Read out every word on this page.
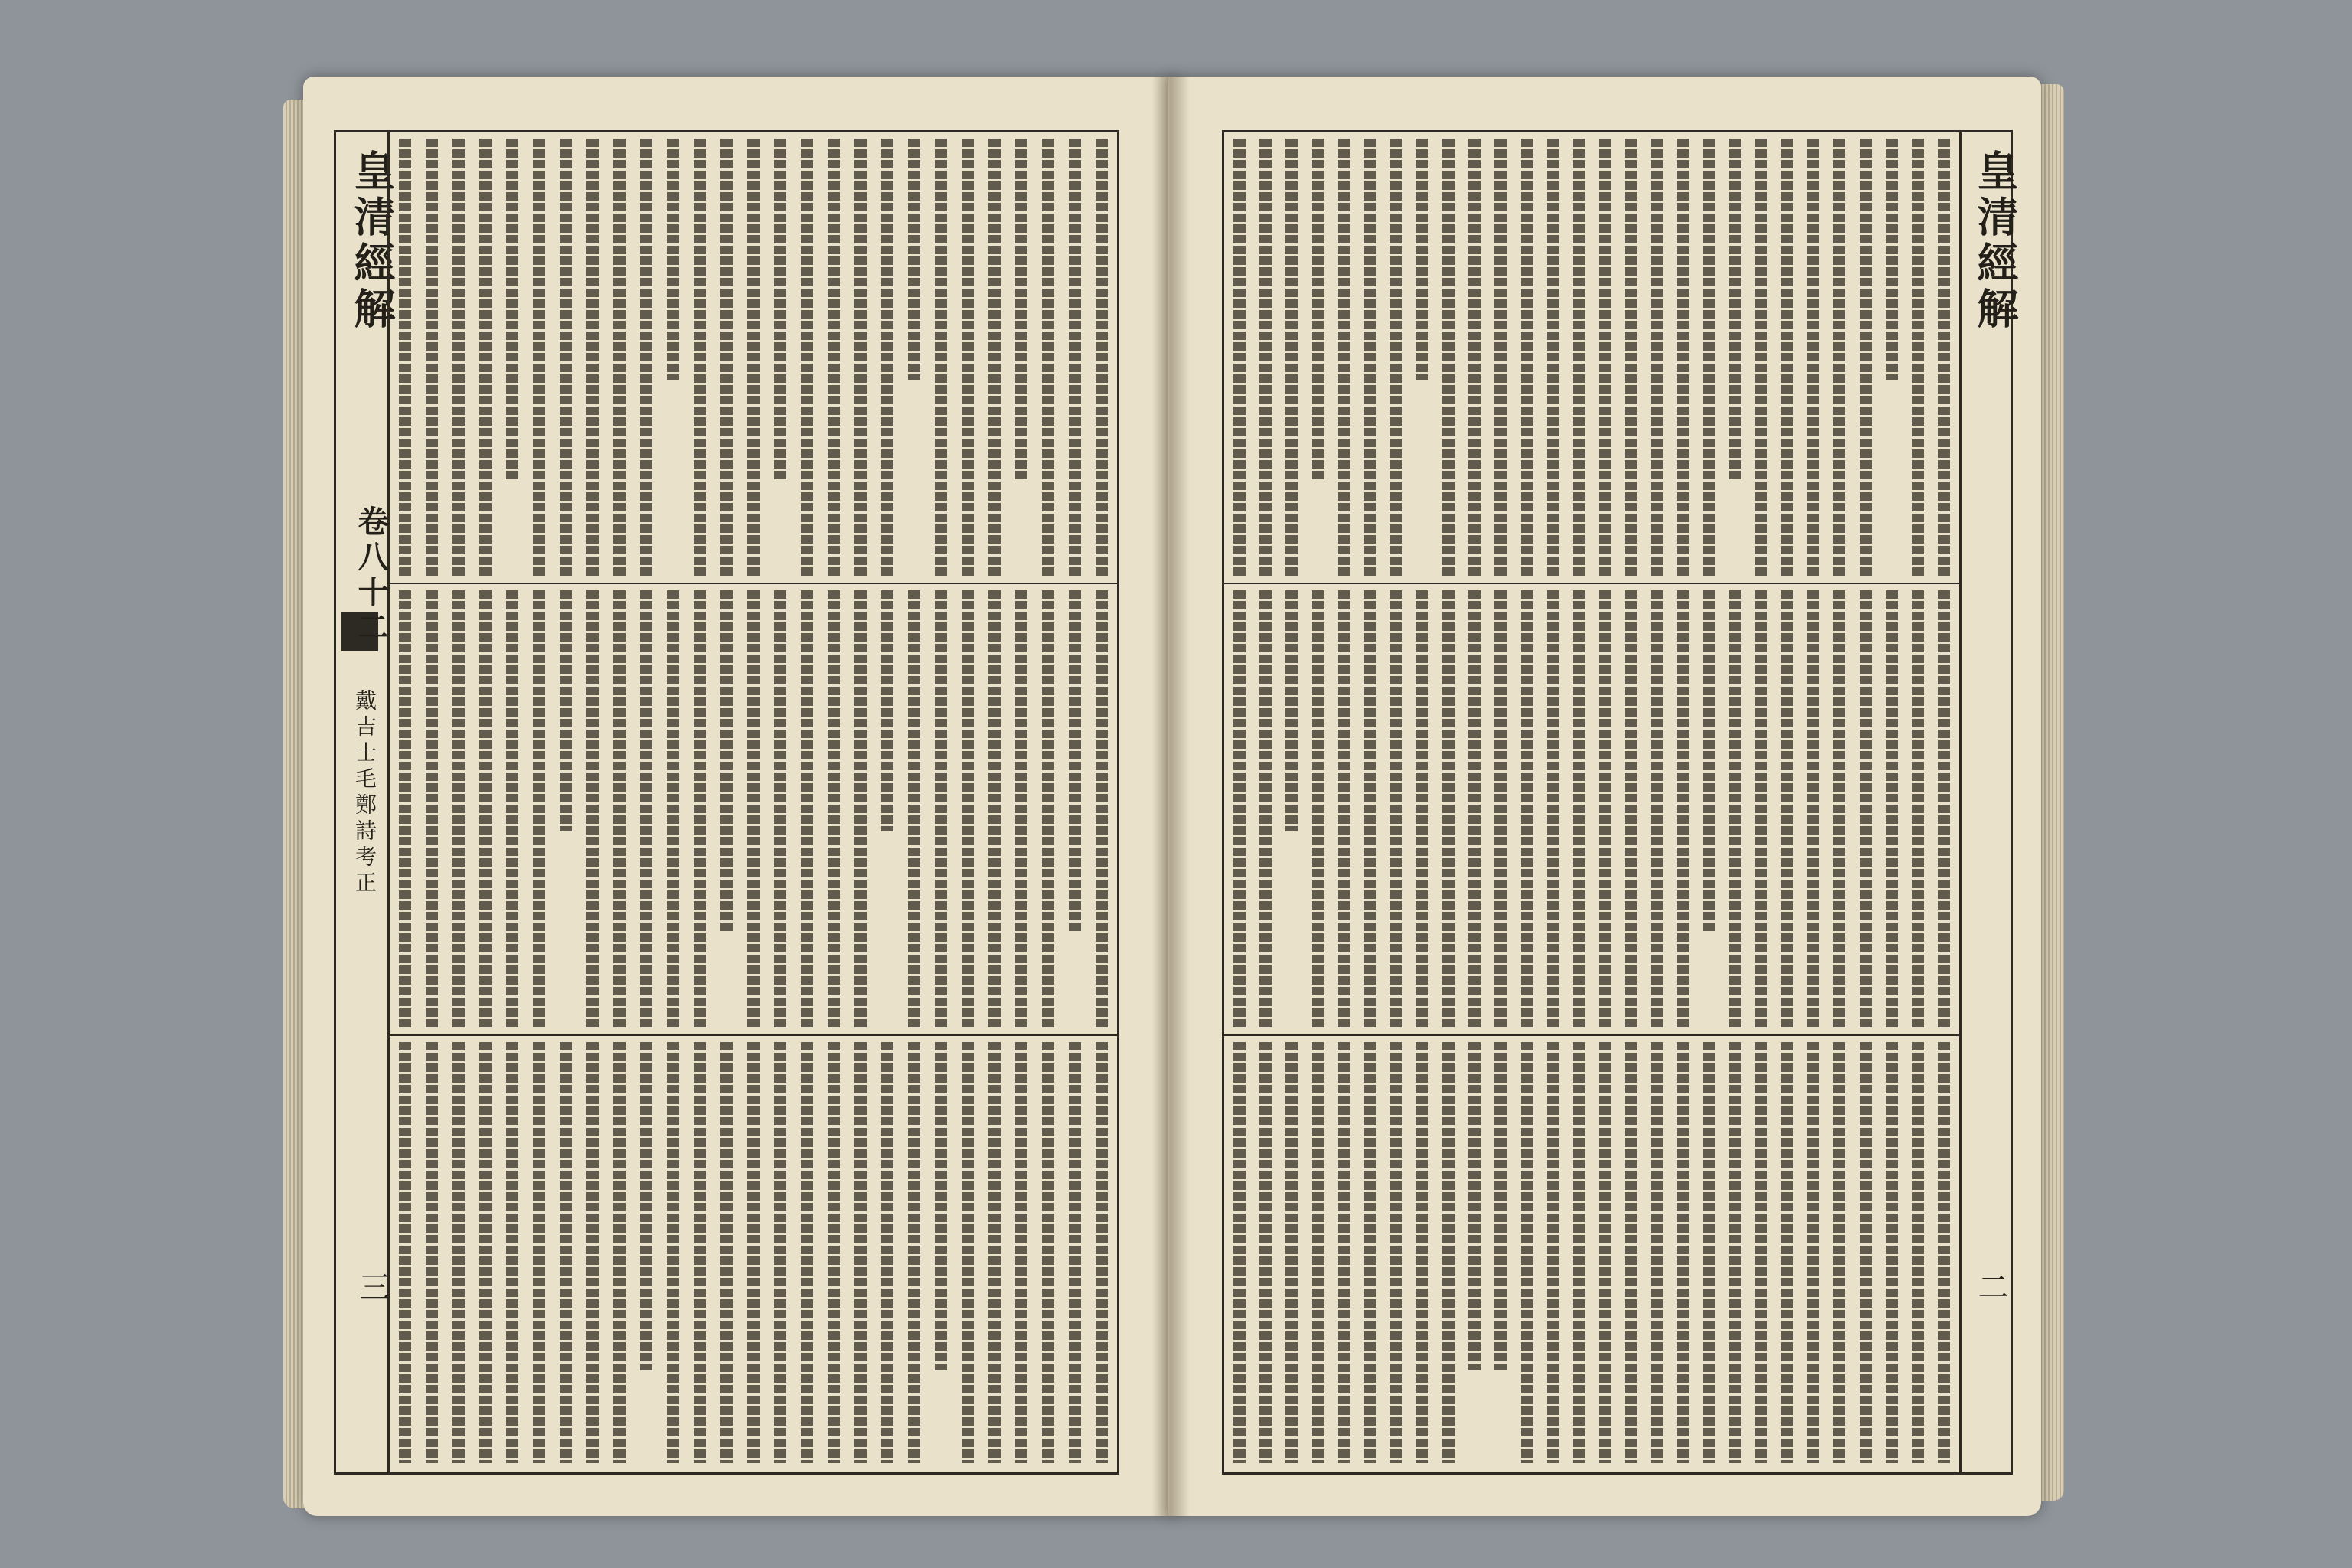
皇清經解
卷八十二
戴吉士毛鄭詩考正
三
皇清經解
二
